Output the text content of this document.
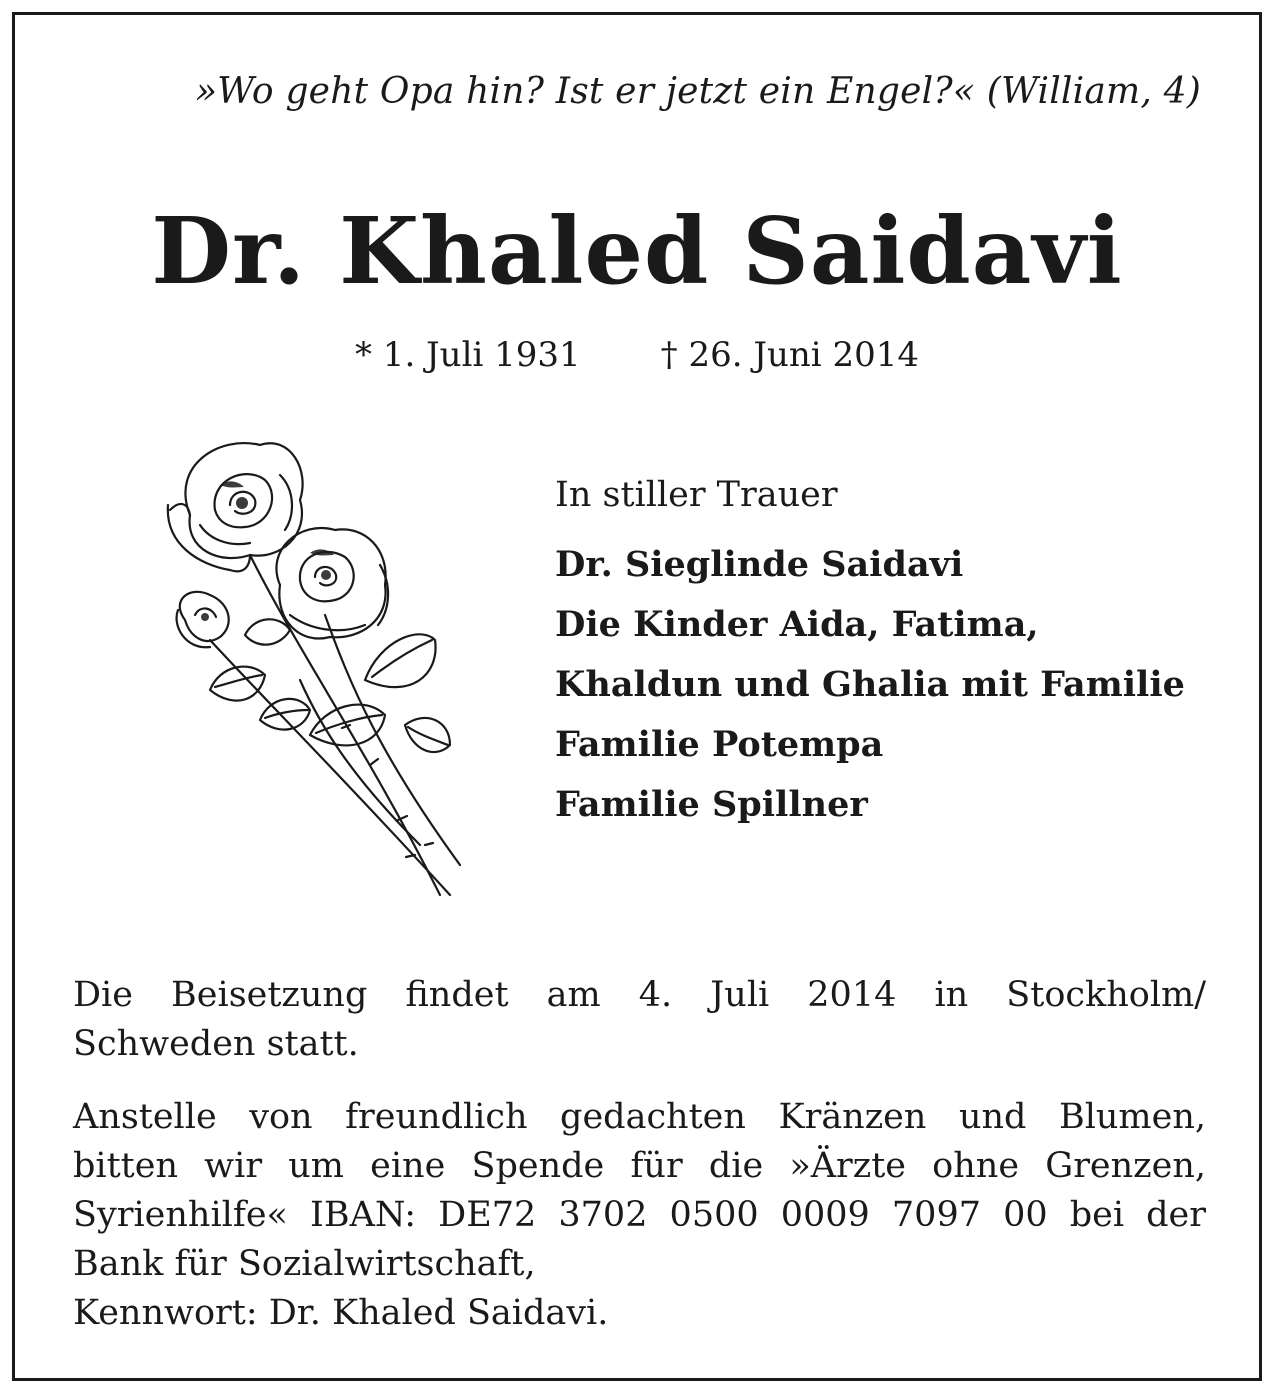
»Wo geht Opa hin? Ist er jetzt ein Engel?« (William, 4)
Dr. Khaled Saidavi
* 1. Juli 1931 † 26. Juni 2014
In stiller Trauer
Dr. Sieglinde Saidavi
Die Kinder Aida, Fatima,
Khaldun und Ghalia mit Familie
Familie Potempa
Familie Spillner
Die Beisetzung findet am 4. Juli 2014 in Stockholm/
Schweden statt.
Anstelle von freundlich gedachten Kränzen und Blumen,
bitten wir um eine Spende für die »Ärzte ohne Grenzen,
Syrienhilfe« IBAN: DE72 3702 0500 0009 7097 00 bei der
Bank für Sozialwirtschaft,
Kennwort: Dr. Khaled Saidavi.
